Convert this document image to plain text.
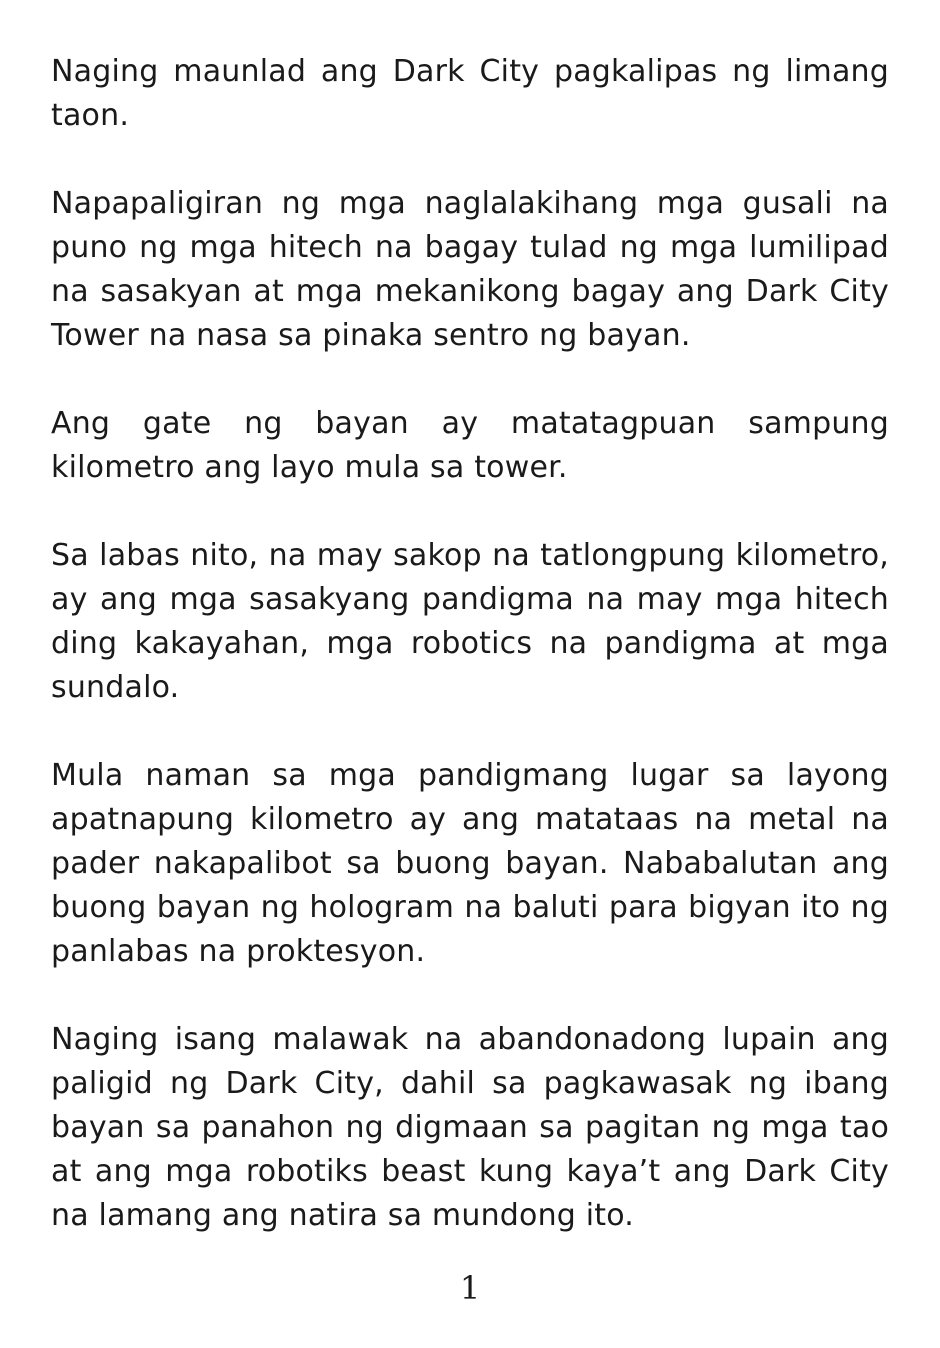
Naging maunlad ang Dark City pagkalipas ng limang taon.

Napapaligiran ng mga naglalakihang mga gusali na puno ng mga hitech na bagay tulad ng mga lumilipad na sasakyan at mga mekanikong bagay ang Dark City Tower na nasa sa pinaka sentro ng bayan.

Ang gate ng bayan ay matatagpuan sampung kilometro ang layo mula sa tower.

Sa labas nito, na may sakop na tatlongpung kilometro, ay ang mga sasakyang pandigma na may mga hitech ding kakayahan, mga robotics na pandigma at mga sundalo.

Mula naman sa mga pandigmang lugar sa layong apatnapung kilometro ay ang matataas na metal na pader nakapalibot sa buong bayan. Nababalutan ang buong bayan ng hologram na baluti para bigyan ito ng panlabas na proktesyon.

Naging isang malawak na abandonadong lupain ang paligid ng Dark City, dahil sa pagkawasak ng ibang bayan sa panahon ng digmaan sa pagitan ng mga tao at ang mga robotiks beast kung kaya’t ang Dark City na lamang ang natira sa mundong ito.

1
